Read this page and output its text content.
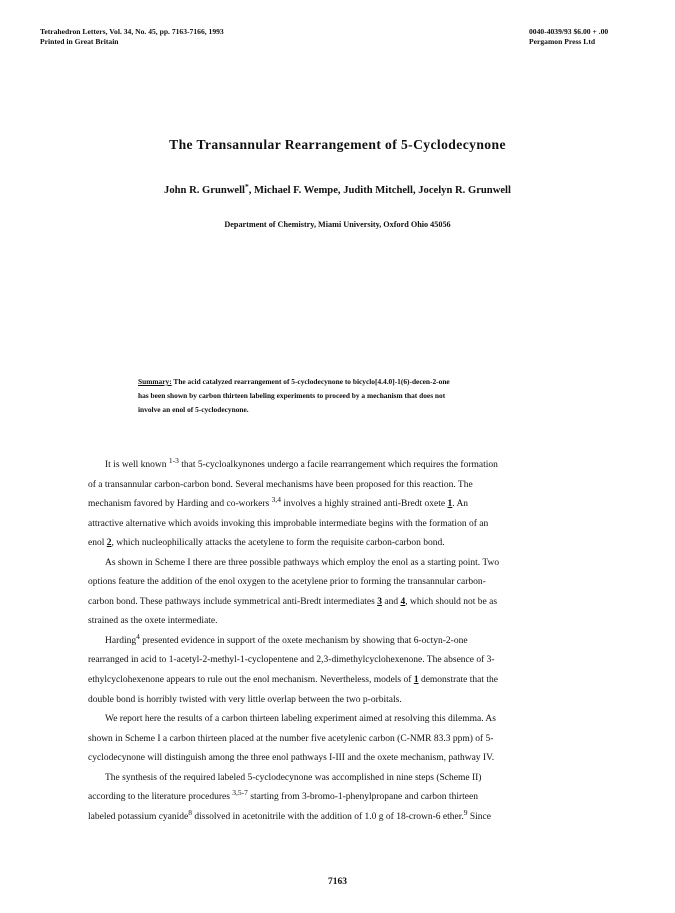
Tetrahedron Letters, Vol. 34, No. 45, pp. 7163-7166, 1993
Printed in Great Britain
0040-4039/93 $6.00 + .00
Pergamon Press Ltd
The Transannular Rearrangement of 5-Cyclodecynone
John R. Grunwell*, Michael F. Wempe, Judith Mitchell, Jocelyn R. Grunwell
Department of Chemistry, Miami University, Oxford Ohio 45056
Summary: The acid catalyzed rearrangement of 5-cyclodecynone to bicyclo[4.4.0]-1(6)-decen-2-one
has been shown by carbon thirteen labeling experiments to proceed by a mechanism that does not
involve an enol of 5-cyclodecynone.
It is well known $^{1-3}$ that 5-cycloalkynones undergo a facile rearrangement which requires the formation
of a transannular carbon-carbon bond. Several mechanisms have been proposed for this reaction. The
mechanism favored by Harding and co-workers $^{3,4}$ involves a highly strained anti-Bredt oxete 1. An
attractive alternative which avoids invoking this improbable intermediate begins with the formation of an
enol 2, which nucleophilically attacks the acetylene to form the requisite carbon-carbon bond.
As shown in Scheme I there are three possible pathways which employ the enol as a starting point. Two
options feature the addition of the enol oxygen to the acetylene prior to forming the transannular carbon-
carbon bond. These pathways include symmetrical anti-Bredt intermediates 3 and 4, which should not be as
strained as the oxete intermediate.
Harding$^4$ presented evidence in support of the oxete mechanism by showing that 6-octyn-2-one
rearranged in acid to 1-acetyl-2-methyl-1-cyclopentene and 2,3-dimethylcyclohexenone. The absence of 3-
ethylcyclohexenone appears to rule out the enol mechanism. Nevertheless, models of 1 demonstrate that the
double bond is horribly twisted with very little overlap between the two p-orbitals.
We report here the results of a carbon thirteen labeling experiment aimed at resolving this dilemma. As
shown in Scheme I a carbon thirteen placed at the number five acetylenic carbon (C-NMR 83.3 ppm) of 5-
cyclodecynone will distinguish among the three enol pathways I-III and the oxete mechanism, pathway IV.
The synthesis of the required labeled 5-cyclodecynone was accomplished in nine steps (Scheme II)
according to the literature procedures $^{3,5-7}$ starting from 3-bromo-1-phenylpropane and carbon thirteen
labeled potassium cyanide$^8$ dissolved in acetonitrile with the addition of 1.0 g of 18-crown-6 ether.$^9$ Since
7163
